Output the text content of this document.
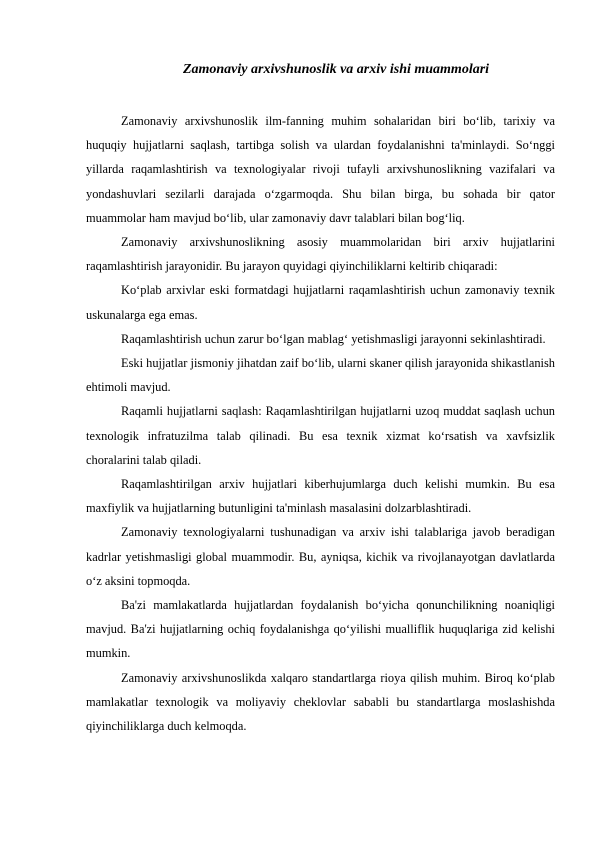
Zamonaviy arxivshunoslik va arxiv ishi muammolari

Zamonaviy arxivshunoslik ilm-fanning muhim sohalaridan biri bo‘lib, tarixiy va huquqiy hujjatlarni saqlash, tartibga solish va ulardan foydalanishni ta'minlaydi. So‘nggi yillarda raqamlashtirish va texnologiyalar rivoji tufayli arxivshunoslikning vazifalari va yondashuvlari sezilarli darajada o‘zgarmoqda. Shu bilan birga, bu sohada bir qator muammolar ham mavjud bo‘lib, ular zamonaviy davr talablari bilan bog‘liq.

Zamonaviy arxivshunoslikning asosiy muammolaridan biri arxiv hujjatlarini raqamlashtirish jarayonidir. Bu jarayon quyidagi qiyinchiliklarni keltirib chiqaradi:

Ko‘plab arxivlar eski formatdagi hujjatlarni raqamlashtirish uchun zamonaviy texnik uskunalarga ega emas.

Raqamlashtirish uchun zarur bo‘lgan mablag‘ yetishmasligi jarayonni sekinlashtiradi.

Eski hujjatlar jismoniy jihatdan zaif bo‘lib, ularni skaner qilish jarayonida shikastlanish ehtimoli mavjud.

Raqamli hujjatlarni saqlash: Raqamlashtirilgan hujjatlarni uzoq muddat saqlash uchun texnologik infratuzilma talab qilinadi. Bu esa texnik xizmat ko‘rsatish va xavfsizlik choralarini talab qiladi.

Raqamlashtirilgan arxiv hujjatlari kiberhujumlarga duch kelishi mumkin. Bu esa maxfiylik va hujjatlarning butunligini ta'minlash masalasini dolzarblashtiradi.

Zamonaviy texnologiyalarni tushunadigan va arxiv ishi talablariga javob beradigan kadrlar yetishmasligi global muammodir. Bu, ayniqsa, kichik va rivojlanayotgan davlatlarda o‘z aksini topmoqda.

Ba'zi mamlakatlarda hujjatlardan foydalanish bo‘yicha qonunchilikning noaniqligi mavjud. Ba'zi hujjatlarning ochiq foydalanishga qo‘yilishi mualliflik huquqlariga zid kelishi mumkin.

Zamonaviy arxivshunoslikda xalqaro standartlarga rioya qilish muhim. Biroq ko‘plab mamlakatlar texnologik va moliyaviy cheklovlar sababli bu standartlarga moslashishda qiyinchiliklarga duch kelmoqda.
